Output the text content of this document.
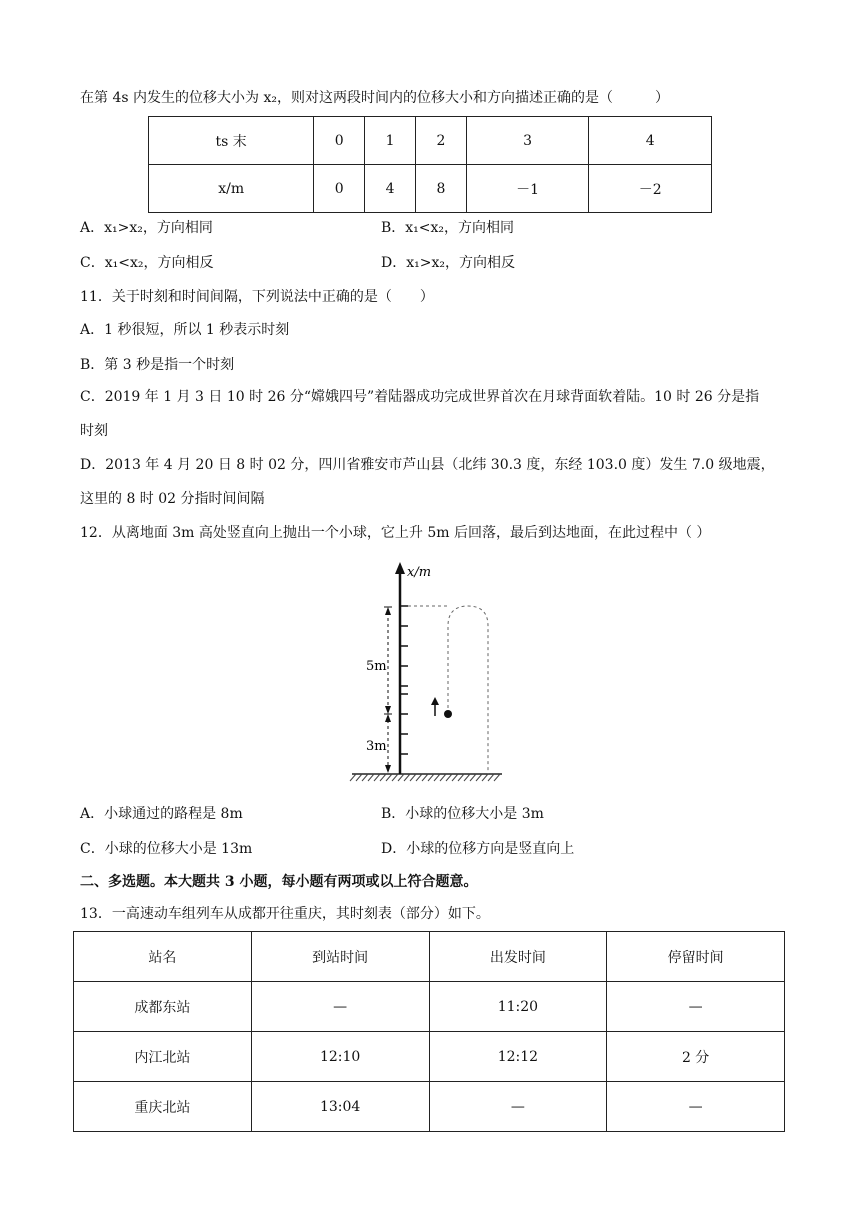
在第 4s 内发生的位移大小为 x₂，则对这两段时间内的位移大小和方向描述正确的是（　　　）
ts 末	0	1	2	3	4
x/m	0	4	8	－1	－2
A．x₁>x₂，方向相同	B．x₁<x₂，方向相同
C．x₁<x₂，方向相反	D．x₁>x₂，方向相反
11．关于时刻和时间间隔，下列说法中正确的是（　　）
A．1 秒很短，所以 1 秒表示时刻
B．第 3 秒是指一个时刻
C．2019 年 1 月 3 日 10 时 26 分“嫦娥四号”着陆器成功完成世界首次在月球背面软着陆。10 时 26 分是指
时刻
D．2013 年 4 月 20 日 8 时 02 分，四川省雅安市芦山县（北纬 30.3 度，东经 103.0 度）发生 7.0 级地震，
这里的 8 时 02 分指时间间隔
12．从离地面 3m 高处竖直向上抛出一个小球，它上升 5m 后回落，最后到达地面，在此过程中（ ）
x/m
5m
3m
A．小球通过的路程是 8m	B．小球的位移大小是 3m
C．小球的位移大小是 13m	D．小球的位移方向是竖直向上
二、多选题。本大题共 3 小题，每小题有两项或以上符合题意。
13．一高速动车组列车从成都开往重庆，其时刻表（部分）如下。
站名	到站时间	出发时间	停留时间
成都东站	—	11:20	—
内江北站	12:10	12:12	2 分
重庆北站	13:04	—	—
